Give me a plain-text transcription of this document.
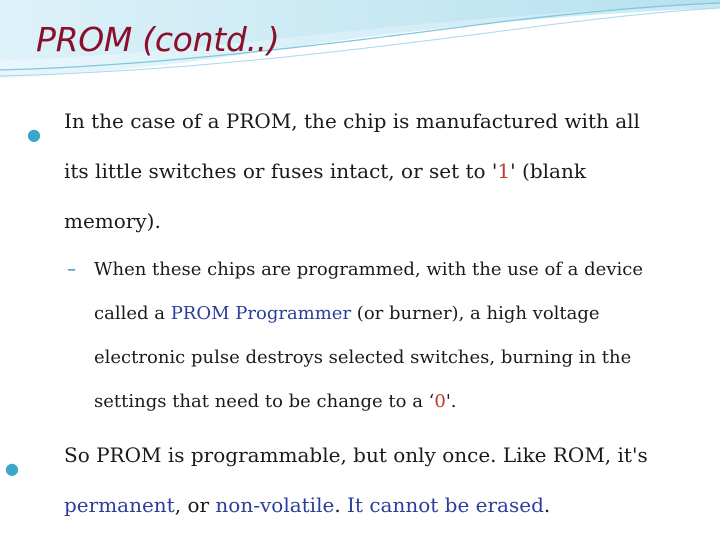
PROM (contd..)
●
In the case of a PROM, the chip is manufactured with all
its little switches or fuses intact, or set to '1' (blank
memory).
– When these chips are programmed, with the use of a device
called a PROM Programmer (or burner), a high voltage
electronic pulse destroys selected switches, burning in the
settings that need to be change to a ‘0'.
●
So PROM is programmable, but only once. Like ROM, it's
permanent, or non-volatile. It cannot be erased.
